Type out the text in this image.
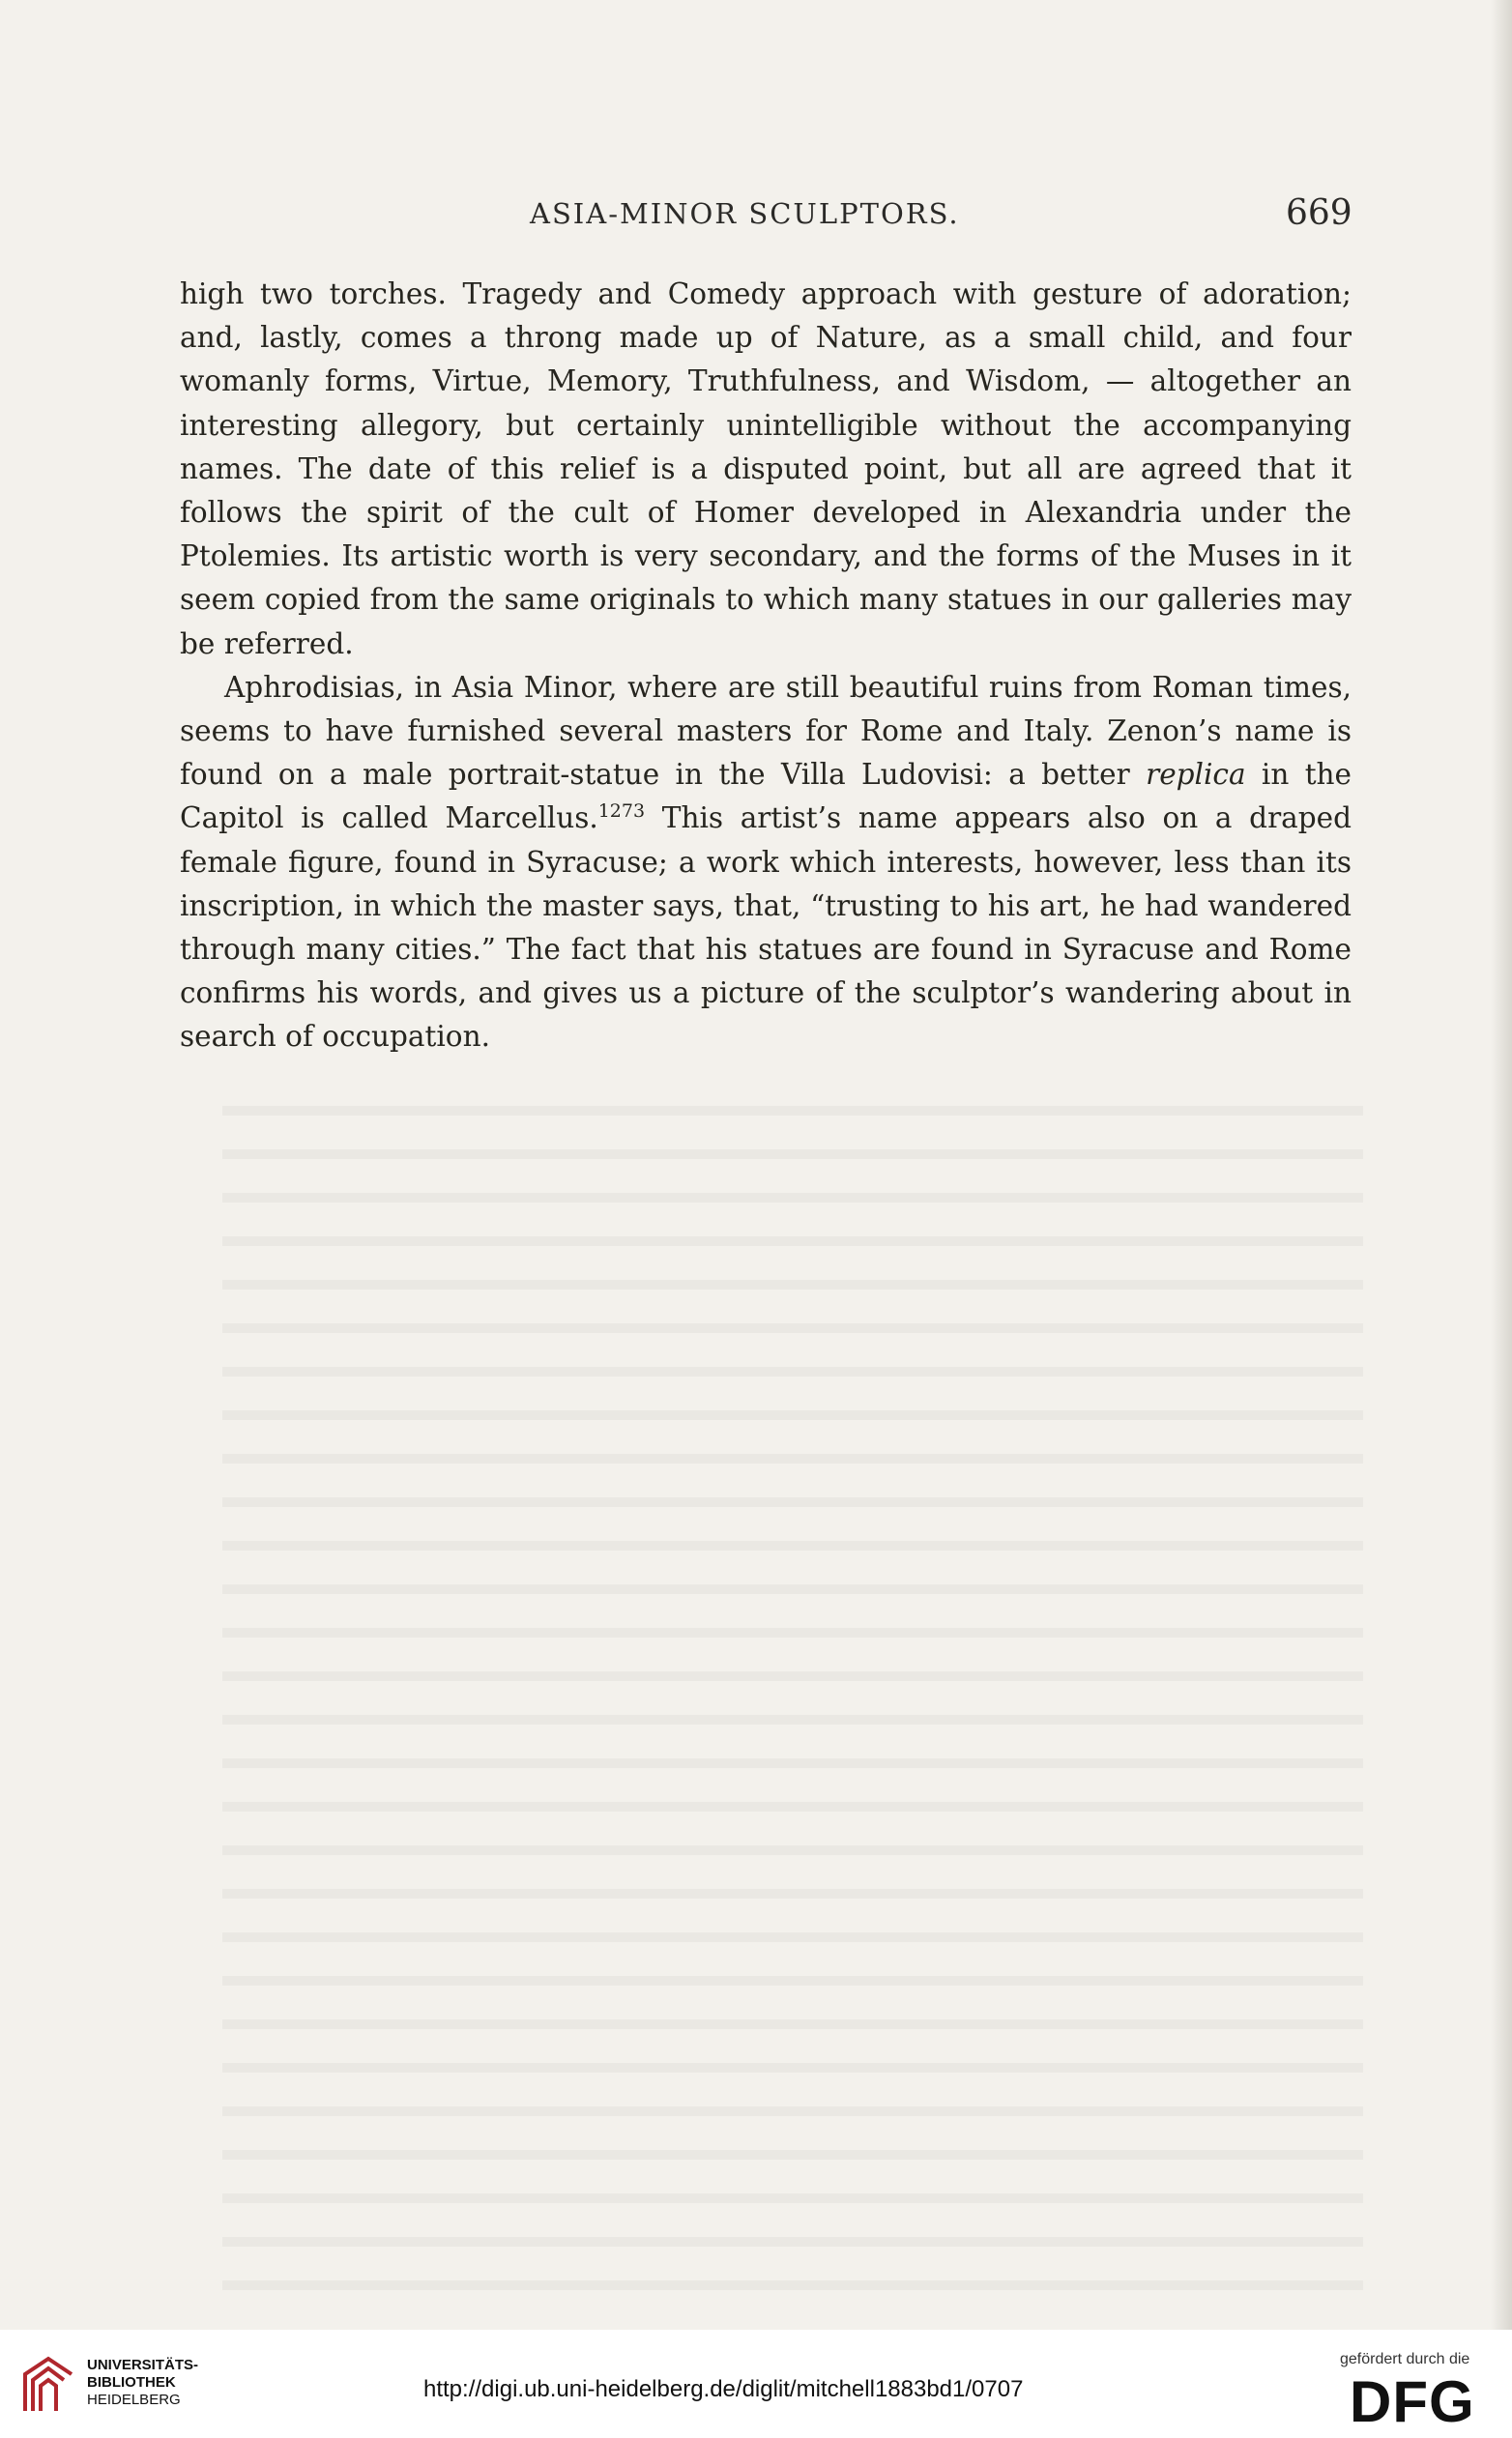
ASIA-MINOR SCULPTORS.	669

high two torches. Tragedy and Comedy approach with gesture of adoration; and, lastly, comes a throng made up of Nature, as a small child, and four womanly forms, Virtue, Memory, Truthfulness, and Wisdom, — altogether an interesting allegory, but certainly unintelligible without the accompanying names. The date of this relief is a disputed point, but all are agreed that it follows the spirit of the cult of Homer developed in Alexandria under the Ptolemies. Its artistic worth is very secondary, and the forms of the Muses in it seem copied from the same originals to which many statues in our galleries may be referred.

Aphrodisias, in Asia Minor, where are still beautiful ruins from Roman times, seems to have furnished several masters for Rome and Italy. Zenon’s name is found on a male portrait-statue in the Villa Ludovisi: a better replica in the Capitol is called Marcellus.$^{1273}$ This artist’s name appears also on a draped female figure, found in Syracuse; a work which interests, however, less than its inscription, in which the master says, that, “trusting to his art, he had wandered through many cities.” The fact that his statues are found in Syracuse and Rome confirms his words, and gives us a picture of the sculptor’s wandering about in search of occupation.

UNIVERSITÄTS-
BIBLIOTHEK
HEIDELBERG	http://digi.ub.uni-heidelberg.de/diglit/mitchell1883bd1/0707
gefördert durch die
DFG
